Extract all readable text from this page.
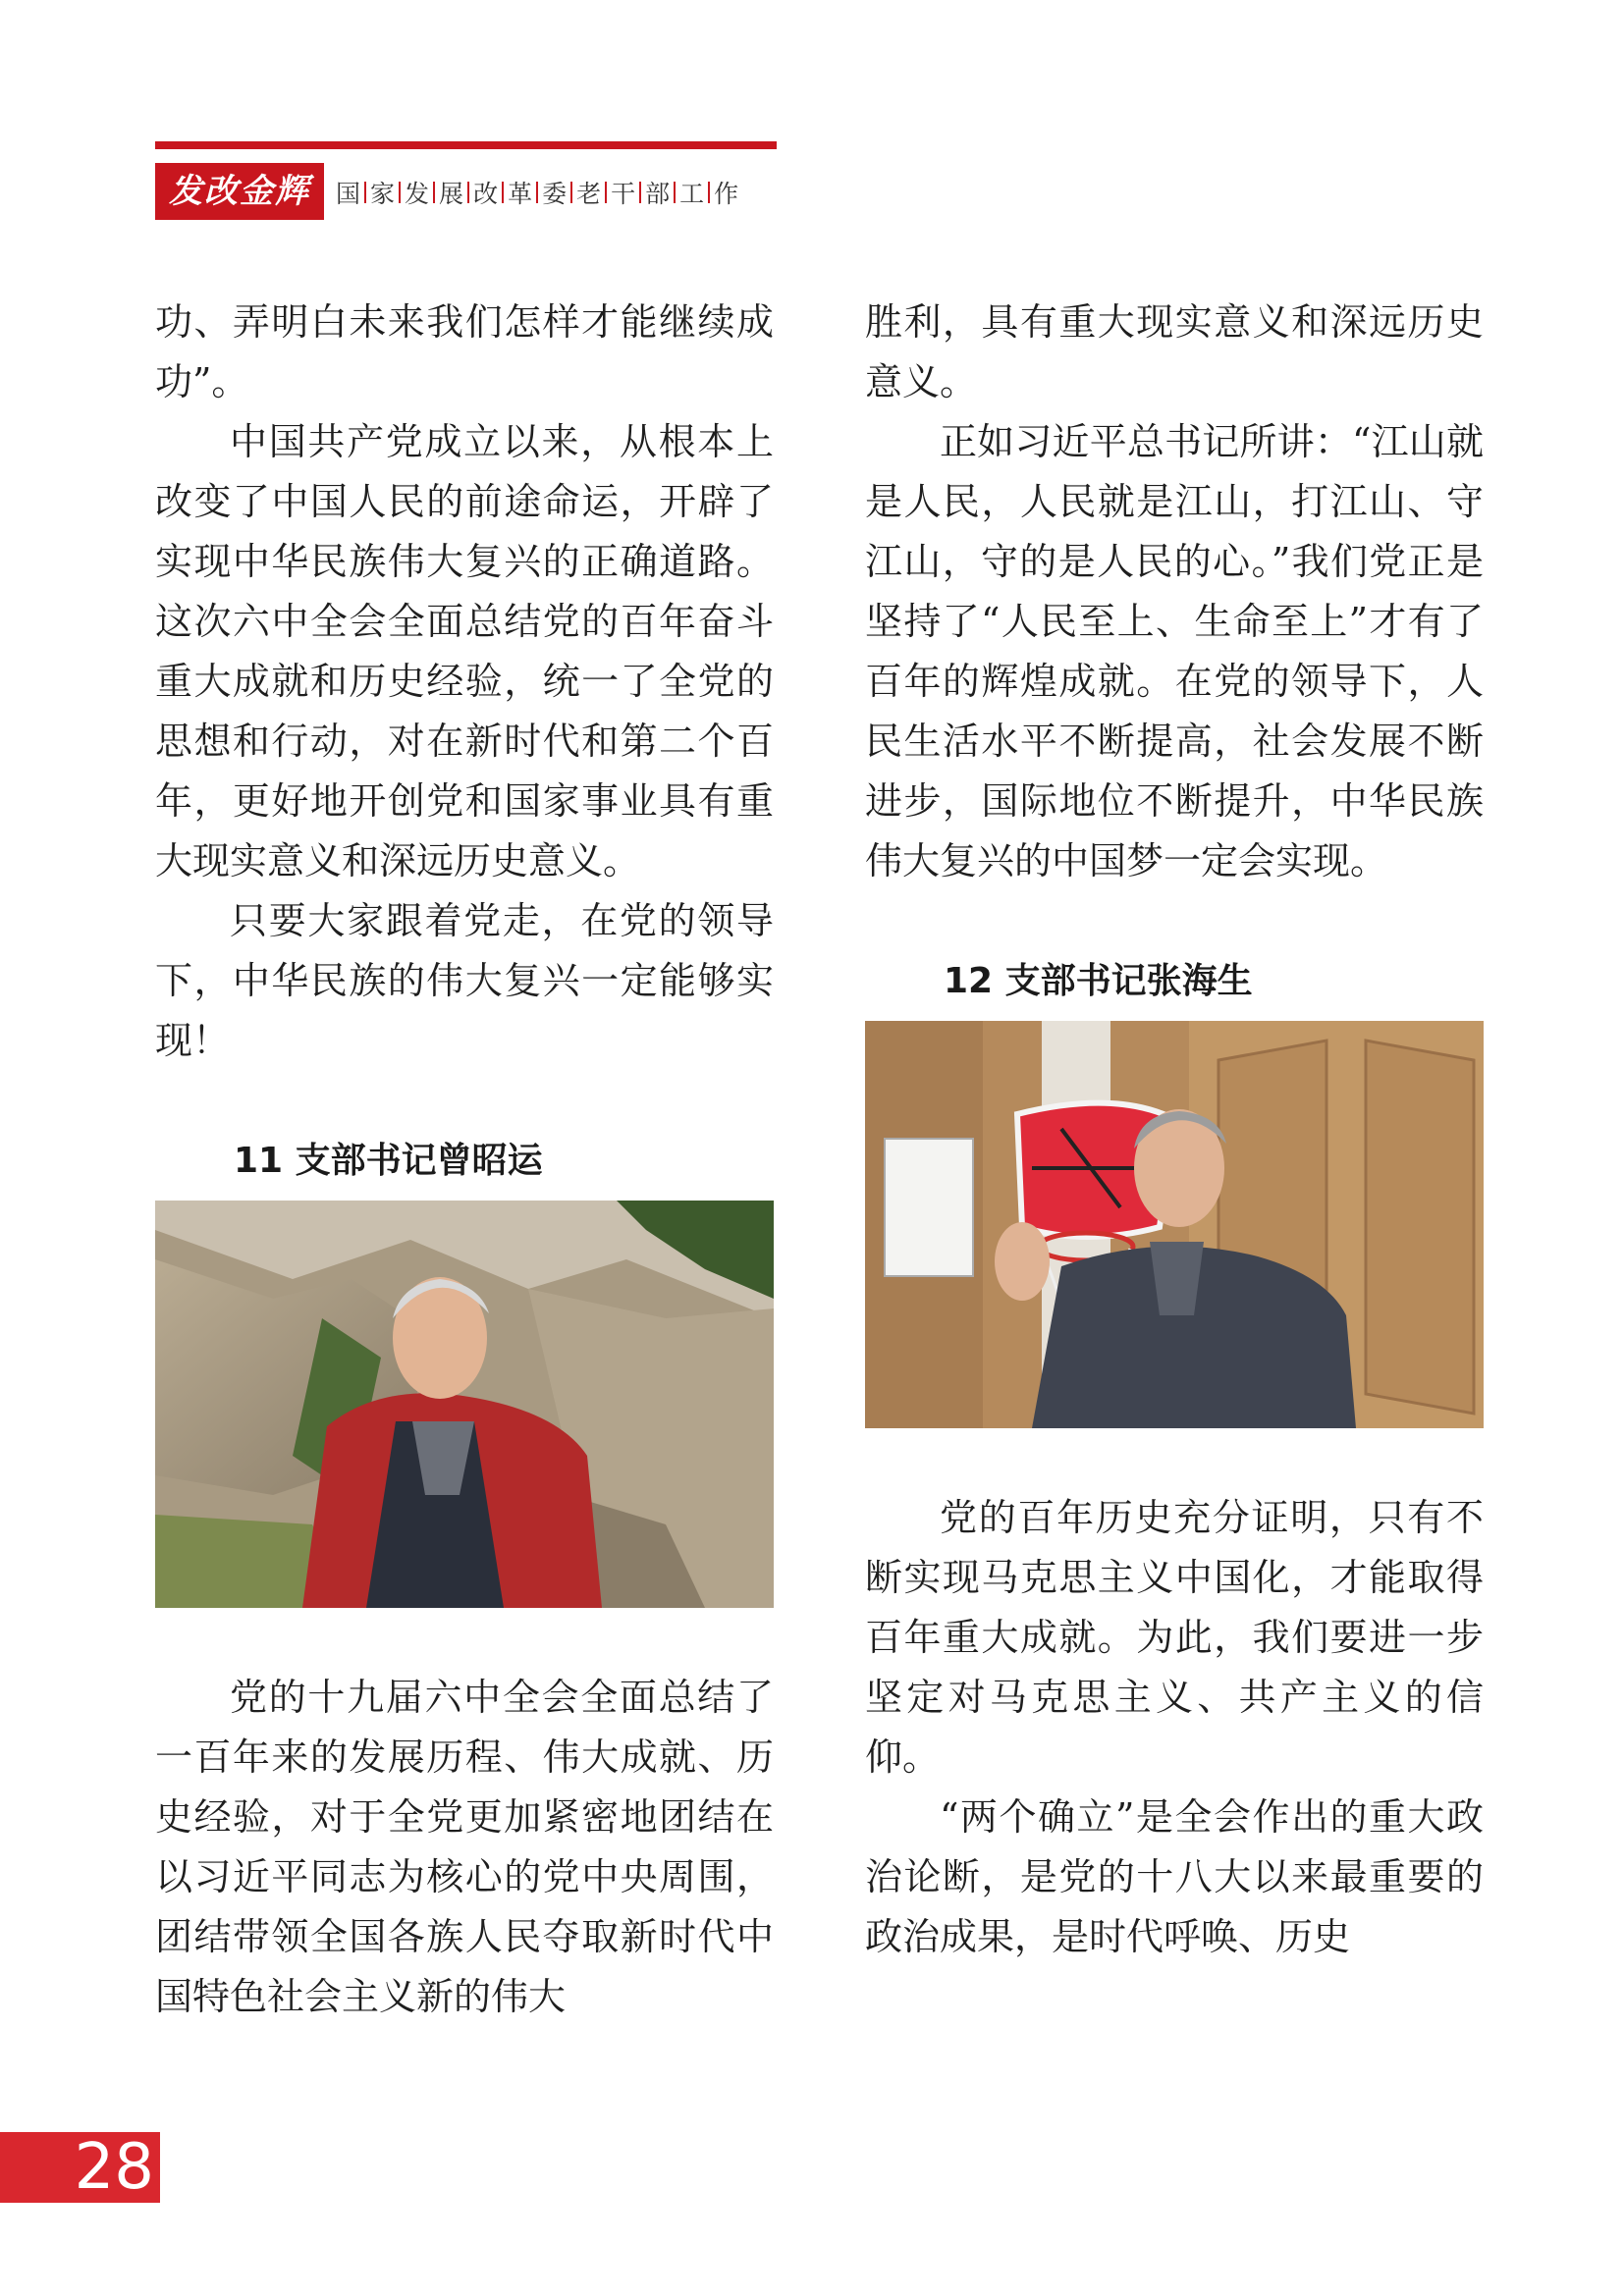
发改金辉	国 家 发 展 改 革 委 老 干 部 工 作

功、弄明白未来我们怎样才能继续成功”。

中国共产党成立以来，从根本上改变了中国人民的前途命运，开辟了实现中华民族伟大复兴的正确道路。这次六中全会全面总结党的百年奋斗重大成就和历史经验，统一了全党的思想和行动，对在新时代和第二个百年，更好地开创党和国家事业具有重大现实意义和深远历史意义。

只要大家跟着党走，在党的领导下，中华民族的伟大复兴一定能够实现！

11 支部书记曾昭运

党的十九届六中全会全面总结了一百年来的发展历程、伟大成就、历史经验，对于全党更加紧密地团结在以习近平同志为核心的党中央周围，团结带领全国各族人民夺取新时代中国特色社会主义新的伟大

胜利，具有重大现实意义和深远历史意义。

正如习近平总书记所讲：“江山就是人民，人民就是江山，打江山、守江山，守的是人民的心。”我们党正是坚持了“人民至上、生命至上”才有了百年的辉煌成就。在党的领导下，人民生活水平不断提高，社会发展不断进步，国际地位不断提升，中华民族伟大复兴的中国梦一定会实现。

12 支部书记张海生

党的百年历史充分证明，只有不断实现马克思主义中国化，才能取得百年重大成就。为此，我们要进一步坚定对马克思主义、共产主义的信仰。

“两个确立”是全会作出的重大政治论断，是党的十八大以来最重要的政治成果，是时代呼唤、历史

28
